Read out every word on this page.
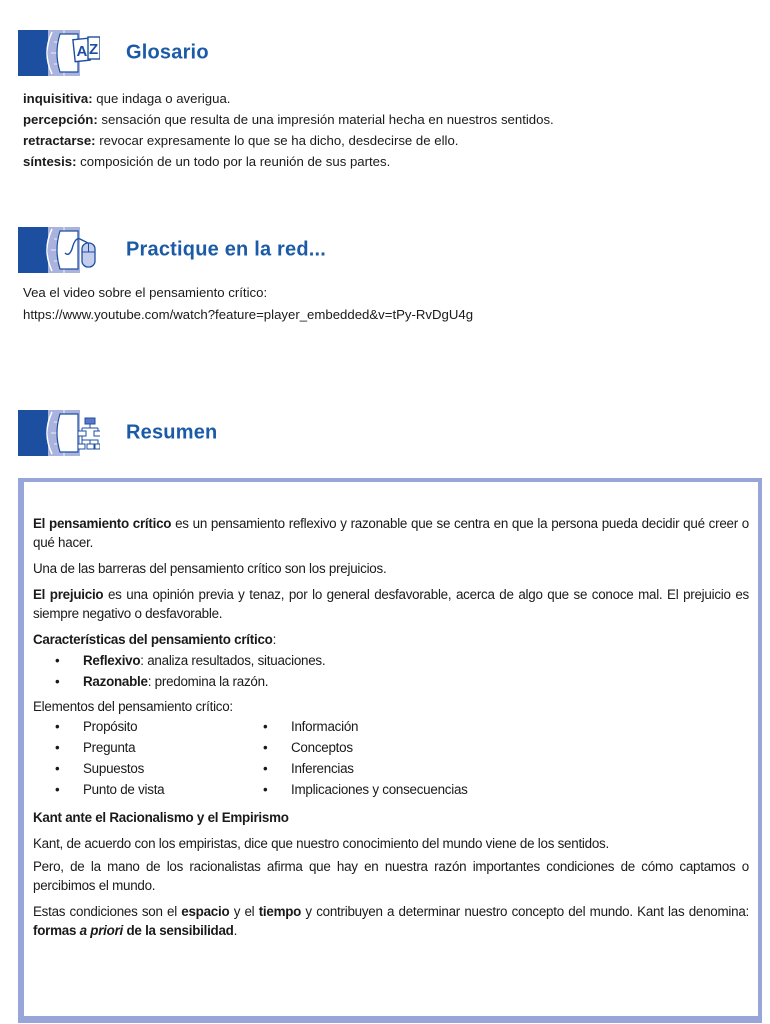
A Z Glosario
inquisitiva: que indaga o averigua.
percepción: sensación que resulta de una impresión material hecha en nuestros sentidos.
retractarse: revocar expresamente lo que se ha dicho, desdecirse de ello.
síntesis: composición de un todo por la reunión de sus partes.
Practique en la red...
Vea el video sobre el pensamiento crítico:
https://www.youtube.com/watch?feature=player_embedded&v=tPy-RvDgU4g
Resumen

El pensamiento crítico es un pensamiento reflexivo y razonable que se centra en que la persona pueda decidir qué creer o qué hacer.

Una de las barreras del pensamiento crítico son los prejuicios.

El prejuicio es una opinión previa y tenaz, por lo general desfavorable, acerca de algo que se conoce mal. El prejuicio es siempre negativo o desfavorable.

Características del pensamiento crítico:

• Reflexivo: analiza resultados, situaciones.
• Razonable: predomina la razón.

Elementos del pensamiento crítico:

• Propósito
• Pregunta
• Supuestos
• Punto de vista
• Información
• Conceptos
• Inferencias
• Implicaciones y consecuencias

Kant ante el Racionalismo y el Empirismo

Kant, de acuerdo con los empiristas, dice que nuestro conocimiento del mundo viene de los sentidos.

Pero, de la mano de los racionalistas afirma que hay en nuestra razón importantes condiciones de cómo captamos o percibimos el mundo.

Estas condiciones son el espacio y el tiempo y contribuyen a determinar nuestro concepto del mundo. Kant las denomina: formas a priori de la sensibilidad.
